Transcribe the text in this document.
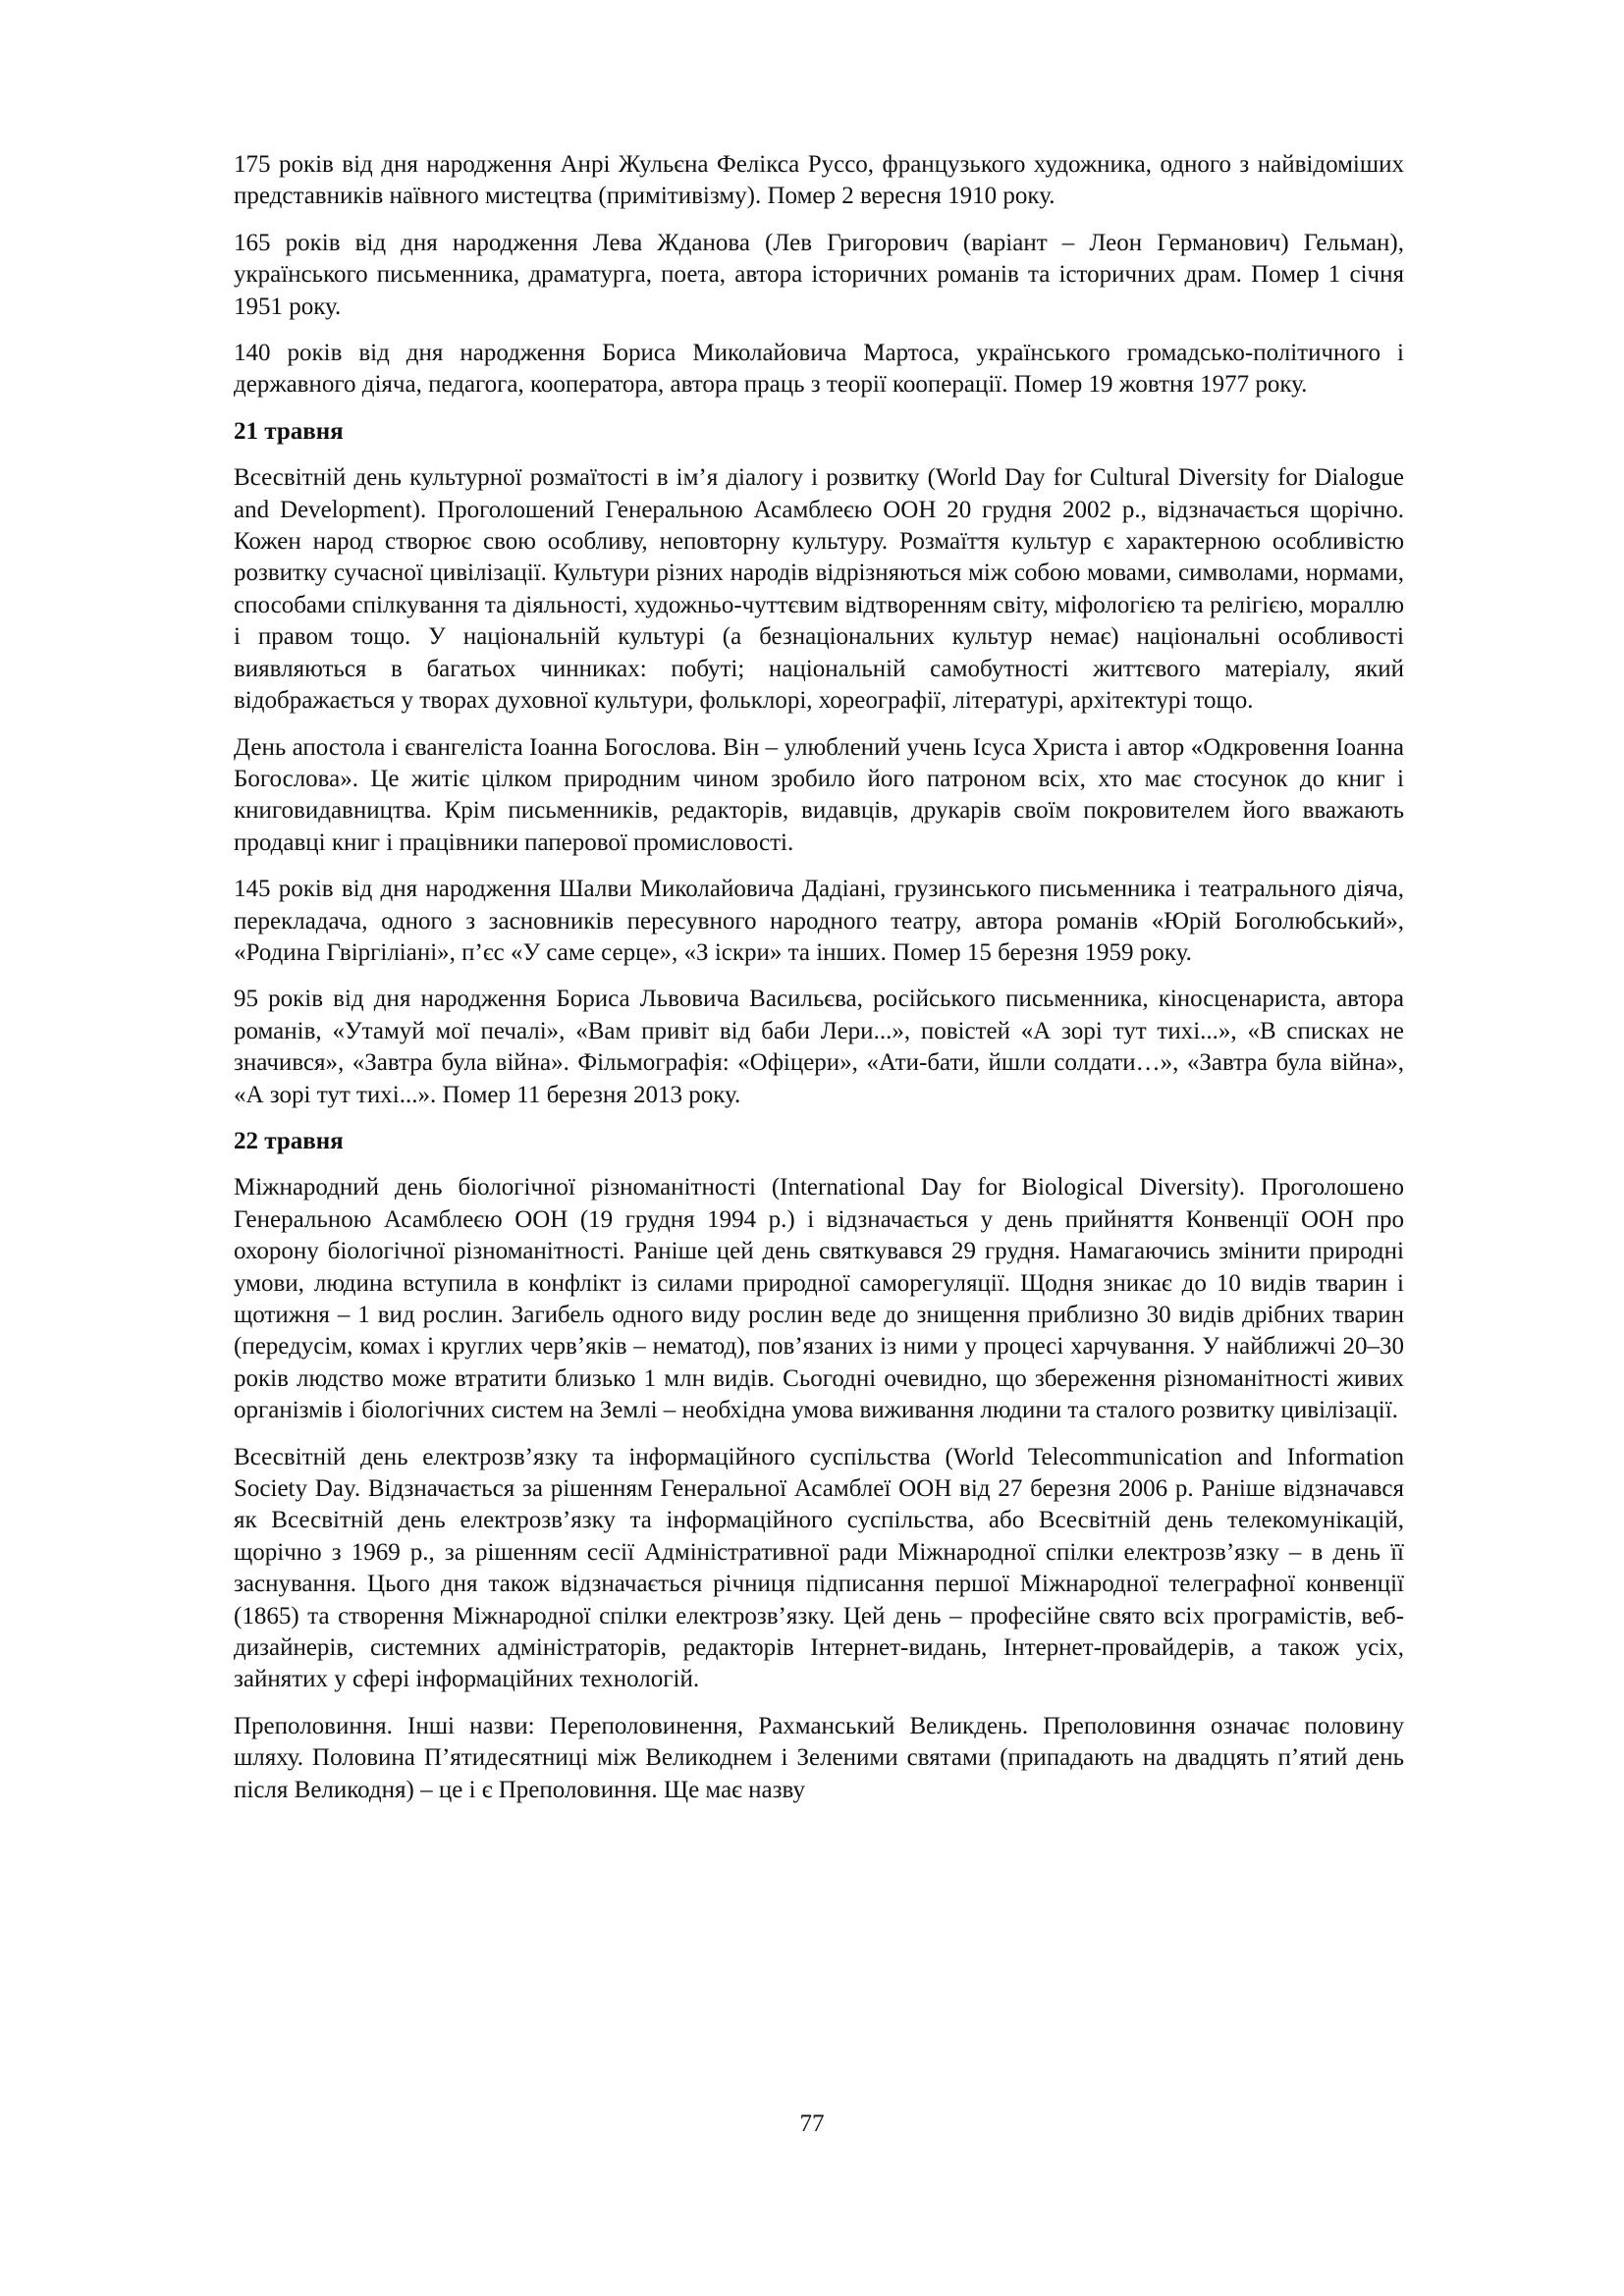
175 років від дня народження Анрі Жульєна Фелікса Руссо, французького художника, одного з найвідоміших представників наївного мистецтва (примітивізму). Помер 2 вересня 1910 року.

165 років від дня народження Лева Жданова (Лев Григорович (варіант – Леон Германович) Гельман), українського письменника, драматурга, поета, автора історичних романів та історичних драм. Помер 1 січня 1951 року.

140 років від дня народження Бориса Миколайовича Мартоса, українського громадсько-політичного і державного діяча, педагога, кооператора, автора праць з теорії кооперації. Помер 19 жовтня 1977 року.

21 травня

Всесвітній день культурної розмаїтості в ім’я діалогу і розвитку (World Day for Cultural Diversity for Dialogue and Development). Проголошений Генеральною Асамблеєю ООН 20 грудня 2002 р., відзначається щорічно. Кожен народ створює свою особливу, неповторну культуру. Розмаїття культур є характерною особливістю розвитку сучасної цивілізації. Культури різних народів відрізняються між собою мовами, символами, нормами, способами спілкування та діяльності, художньо-чуттєвим відтворенням світу, міфологією та релігією, мораллю і правом тощо. У національній культурі (а безнаціональних культур немає) національні особливості виявляються в багатьох чинниках: побуті; національній самобутності життєвого матеріалу, який відображається у творах духовної культури, фольклорі, хореографії, літературі, архітектурі тощо.

День апостола і євангеліста Іоанна Богослова. Він – улюблений учень Ісуса Христа і автор «Одкровення Іоанна Богослова». Це житіє цілком природним чином зробило його патроном всіх, хто має стосунок до книг і книговидавництва. Крім письменників, редакторів, видавців, друкарів своїм покровителем його вважають продавці книг і працівники паперової промисловості.

145 років від дня народження Шалви Миколайовича Дадіані, грузинського письменника і театрального діяча, перекладача, одного з засновників пересувного народного театру, автора романів «Юрій Боголюбський», «Родина Гвіргіліані», п’єс «У саме серце», «З іскри» та інших. Помер 15 березня 1959 року.

95 років від дня народження Бориса Львовича Васильєва, російського письменника, кіносценариста, автора романів, «Утамуй мої печалі», «Вам привіт від баби Лери...», повістей «А зорі тут тихі...», «В списках не значився», «Завтра була війна». Фільмографія: «Офіцери», «Ати-бати, йшли солдати…», «Завтра була війна», «А зорі тут тихі...». Помер 11 березня 2013 року.

22 травня

Міжнародний день біологічної різноманітності (International Day for Biological Diversity). Проголошено Генеральною Асамблеєю ООН (19 грудня 1994 р.) і відзначається у день прийняття Конвенції ООН про охорону біологічної різноманітності. Раніше цей день святкувався 29 грудня. Намагаючись змінити природні умови, людина вступила в конфлікт із силами природної саморегуляції. Щодня зникає до 10 видів тварин і щотижня – 1 вид рослин. Загибель одного виду рослин веде до знищення приблизно 30 видів дрібних тварин (передусім, комах і круглих черв’яків – нематод), пов’язаних із ними у процесі харчування. У найближчі 20–30 років людство може втратити близько 1 млн видів. Сьогодні очевидно, що збереження різноманітності живих організмів і біологічних систем на Землі – необхідна умова виживання людини та сталого розвитку цивілізації.

Всесвітній день електрозв’язку та інформаційного суспільства (World Telecommunication and Information Society Day. Відзначається за рішенням Генеральної Асамблеї ООН від 27 березня 2006 р. Раніше відзначався як Всесвітній день електрозв’язку та інформаційного суспільства, або Всесвітній день телекомунікацій, щорічно з 1969 р., за рішенням сесії Адміністративної ради Міжнародної спілки електрозв’язку – в день її заснування. Цього дня також відзначається річниця підписання першої Міжнародної телеграфної конвенції (1865) та створення Міжнародної спілки електрозв’язку. Цей день – професійне свято всіх програмістів, веб-дизайнерів, системних адміністраторів, редакторів Інтернет-видань, Інтернет-провайдерів, а також усіх, зайнятих у сфері інформаційних технологій.

Преполовиння. Інші назви: Переполовинення, Рахманський Великдень. Преполовиння означає половину шляху. Половина П’ятидесятниці між Великоднем і Зеленими святами (припадають на двадцять п’ятий день після Великодня) – це і є Преполовиння. Ще має назву

77
